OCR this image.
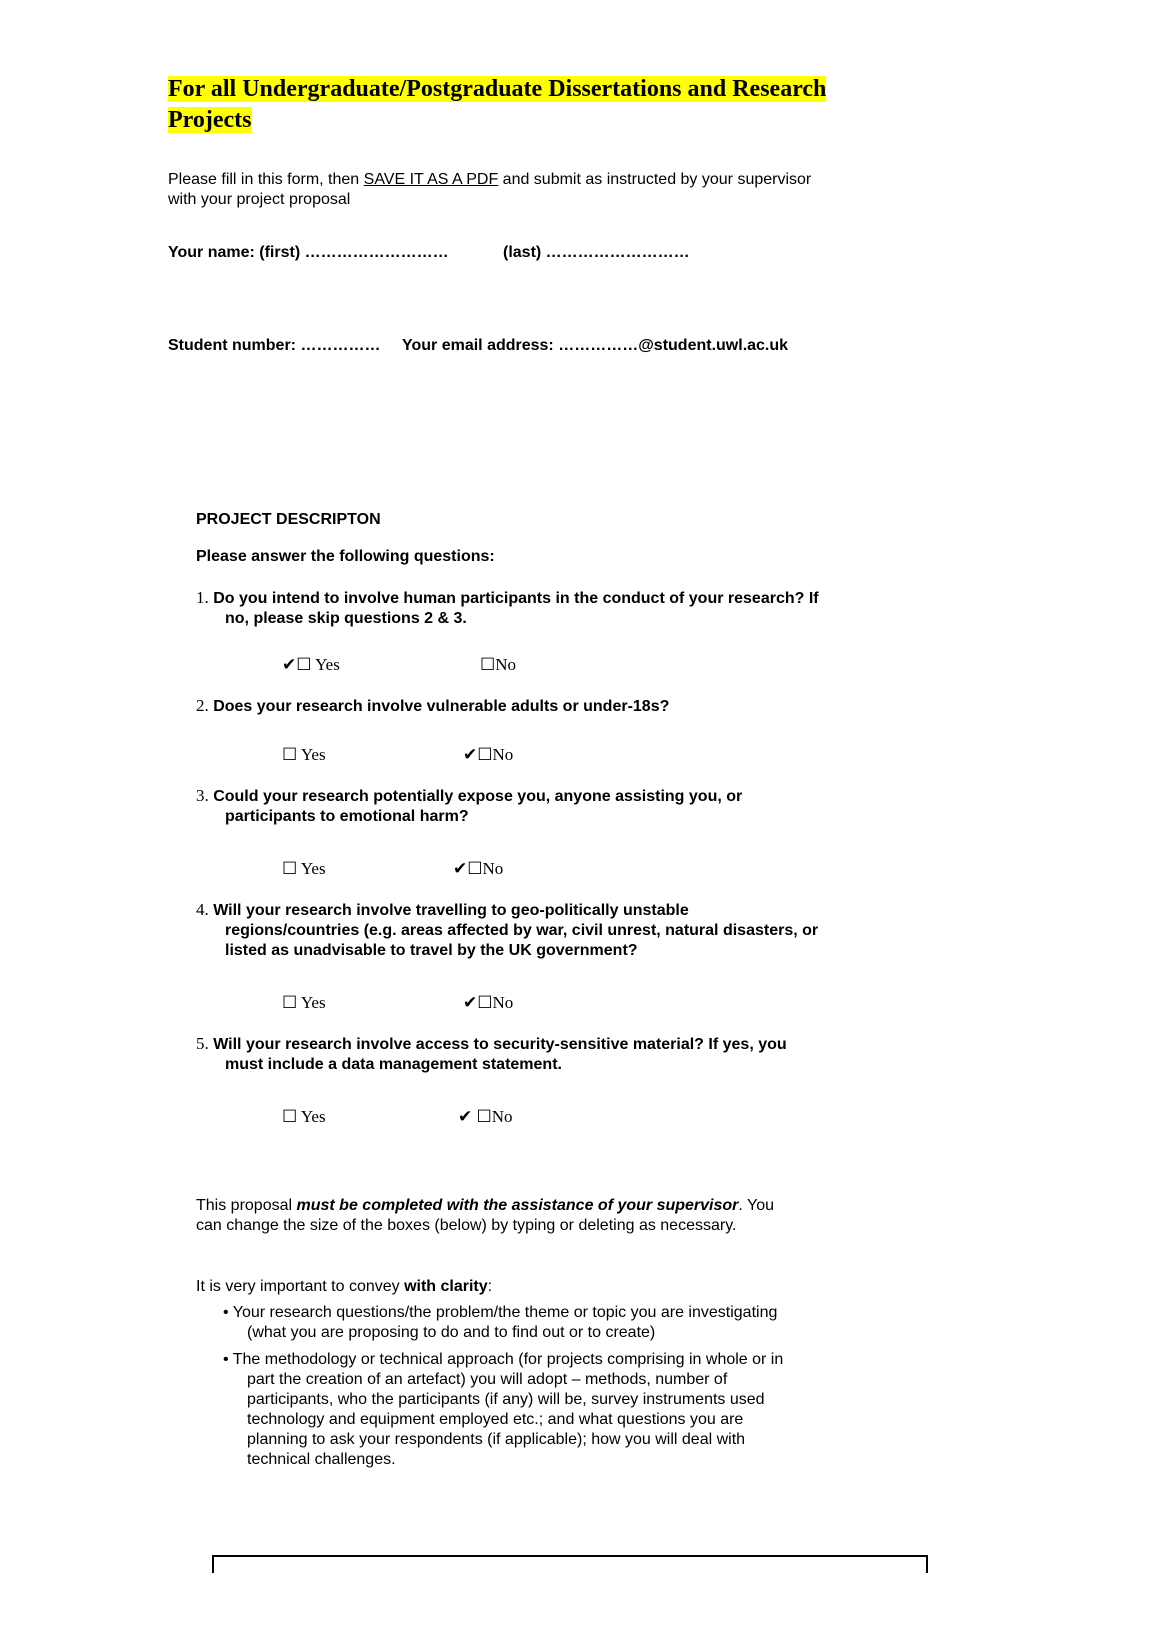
For all Undergraduate/Postgraduate Dissertations and Research
Projects
Please fill in this form, then SAVE IT AS A PDF and submit as instructed by your supervisor
with your project proposal
Your name: (first) ………………………	(last) ………………………
Student number: …………… Your email address: ……………@student.uwl.ac.uk
PROJECT DESCRIPTON
Please answer the following questions:
1. Do you intend to involve human participants in the conduct of your research? If
no, please skip questions 2 & 3.
✔☐ Yes	☐No
2. Does your research involve vulnerable adults or under-18s?
☐ Yes	✔☐No
3. Could your research potentially expose you, anyone assisting you, or
participants to emotional harm?
☐ Yes	✔☐No
4. Will your research involve travelling to geo-politically unstable
regions/countries (e.g. areas affected by war, civil unrest, natural disasters, or
listed as unadvisable to travel by the UK government?
☐ Yes	✔☐No
5. Will your research involve access to security-sensitive material? If yes, you
must include a data management statement.
☐ Yes	✔ ☐No
This proposal must be completed with the assistance of your supervisor. You
can change the size of the boxes (below) by typing or deleting as necessary.
It is very important to convey with clarity:
• Your research questions/the problem/the theme or topic you are investigating
(what you are proposing to do and to find out or to create)
• The methodology or technical approach (for projects comprising in whole or in
part the creation of an artefact) you will adopt – methods, number of
participants, who the participants (if any) will be, survey instruments used
technology and equipment employed etc.; and what questions you are
planning to ask your respondents (if applicable); how you will deal with
technical challenges.
